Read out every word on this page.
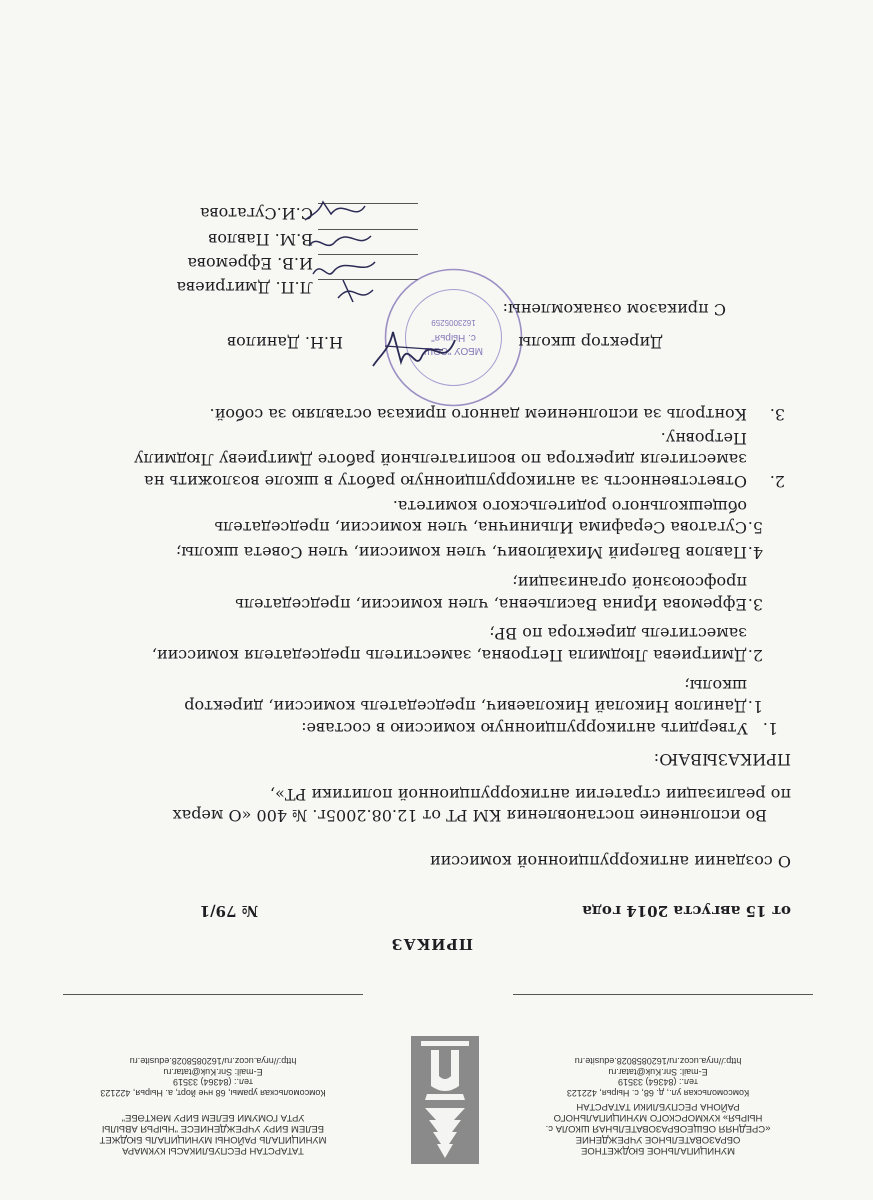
МУНИЦИПАЛЬНОЕ БЮДЖЕТНОЕ
ОБРАЗОВАТЕЛЬНОЕ УЧРЕЖДЕНИЕ
«СРЕДНЯЯ ОБЩЕОБРАЗОВАТЕЛЬНАЯ ШКОЛА с.
НЫРЬЯ» КУКМОРСКОГО МУНИЦИПАЛЬНОГО
РАЙОНА РЕСПУБЛИКИ ТАТАРСТАН
Комсомольская ул., д. 68, с. Нырья, 422123
тел.: (84364) 33519
E-mail: Snr.Kuk@tatar.ru
http://nrya.ucoz.ru/1620858028.edusite.ru
ТАТАРСТАН РЕСПУБЛИКАСЫ КУКМАРА
МУНИЦИПАЛЬ РАЙОНЫ МУНИЦИПАЛЬ БЮДЖЕТ
БЕЛЕМ БИРУ УЧРЕЖДЕНИЕСЕ "НЫРЬЯ АВЫЛЫ
УРТА ГОМУМИ БЕЛЕМ БИРУ МӘКТӘБЕ"
Комсомольская урамы, 68 нче йорт, а. Нырья, 422123
тел.: (84364) 33519
E-mail: Snr.Kuk@tatar.ru
http://nrya.ucoz.ru/1620858028.edusite.ru
ПРИКАЗ
от 15 августа 2014 года
№ 79/1
О создании антикоррупционной комиссии
Во исполнение постановления КМ РТ от 12.08.2005г. № 400 «О мерах
по реализации стратегии антикоррупционной политики РТ»,
ПРИКАЗЫВАЮ:
1.
Утвердить антикоррупционную комиссию в составе:
1.
Данилов Николай Николаевич, председатель комиссии, директор
школы;
2.
Дмитриева Людмила Петровна, заместитель председателя комиссии,
заместитель директора по ВР;
3.
Ефремова Ирина Васильевна, член комиссии, председатель
профсоюзной организации;
4.
Павлов Валерий Михайлович, член комиссии, член Совета школы;
5.
Сугатова Серафима Ильинична, член комиссии, председатель
общешкольного родительского комитета.
2.
Ответственность за антикоррупционную работу в школе возложить на
заместителя директора по воспитательной работе Дмитриеву Людмилу
Петровну.
3.
Контроль за исполнением данного приказа оставляю за собой.
МБОУ "СОШ
с. Нырья"
1623005259
Директор школы
Н.Н. Данилов
С приказом ознакомлены:
Л.П. Дмитриева
И.В. Ефремова
В.М. Павлов
С.И.Сугатова
